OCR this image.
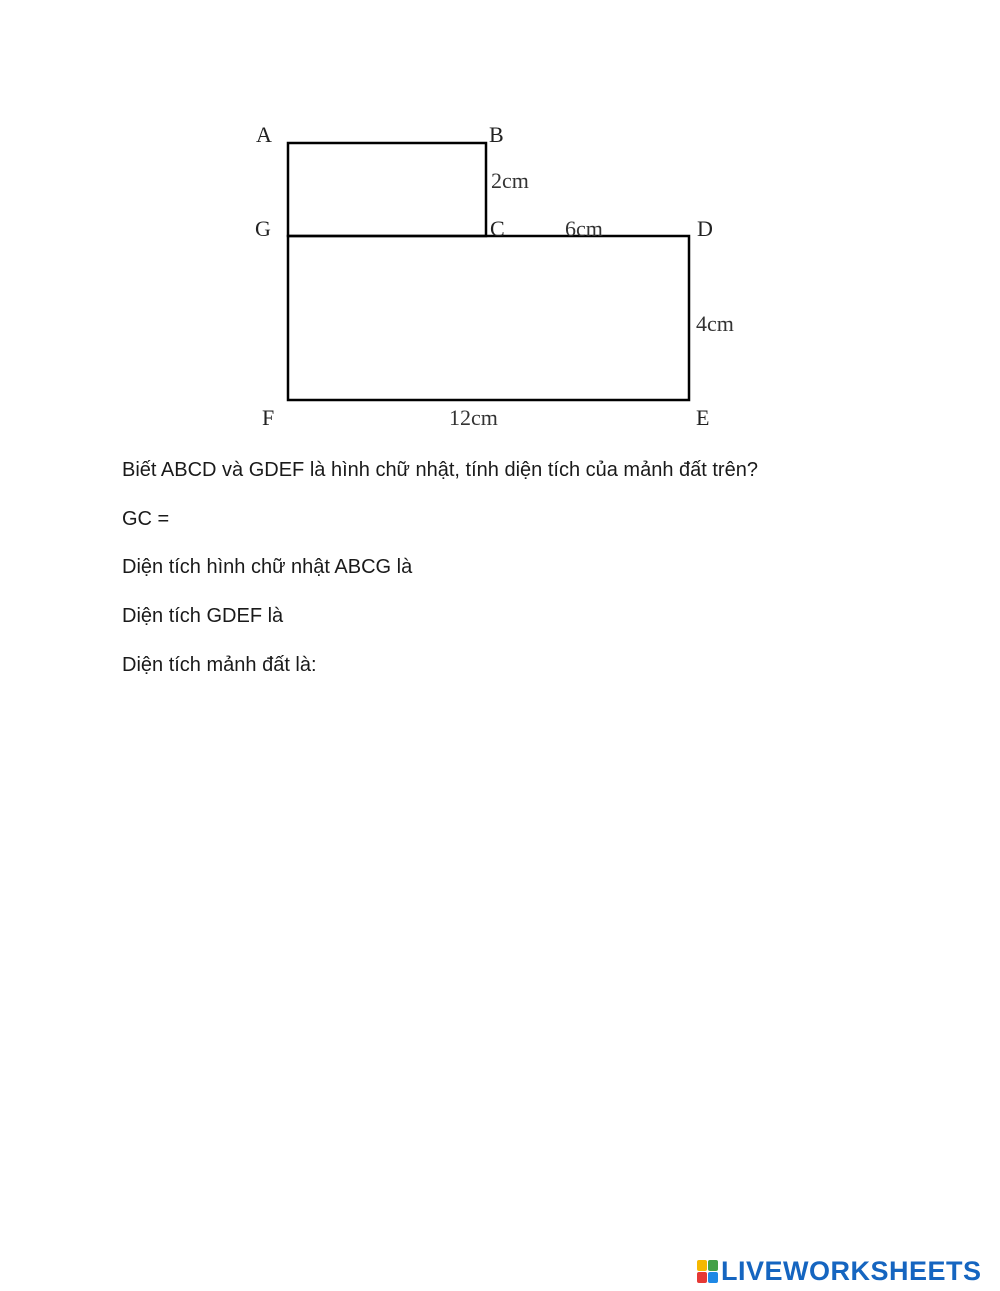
A	B
G	C	D
F	E
2cm
6cm
4cm
12cm
Biết ABCD và GDEF là hình chữ nhật, tính diện tích của mảnh đất trên?
GC =
Diện tích hình chữ nhật ABCG là
Diện tích GDEF là
Diện tích mảnh đất là:
LIVEWORKSHEETS
